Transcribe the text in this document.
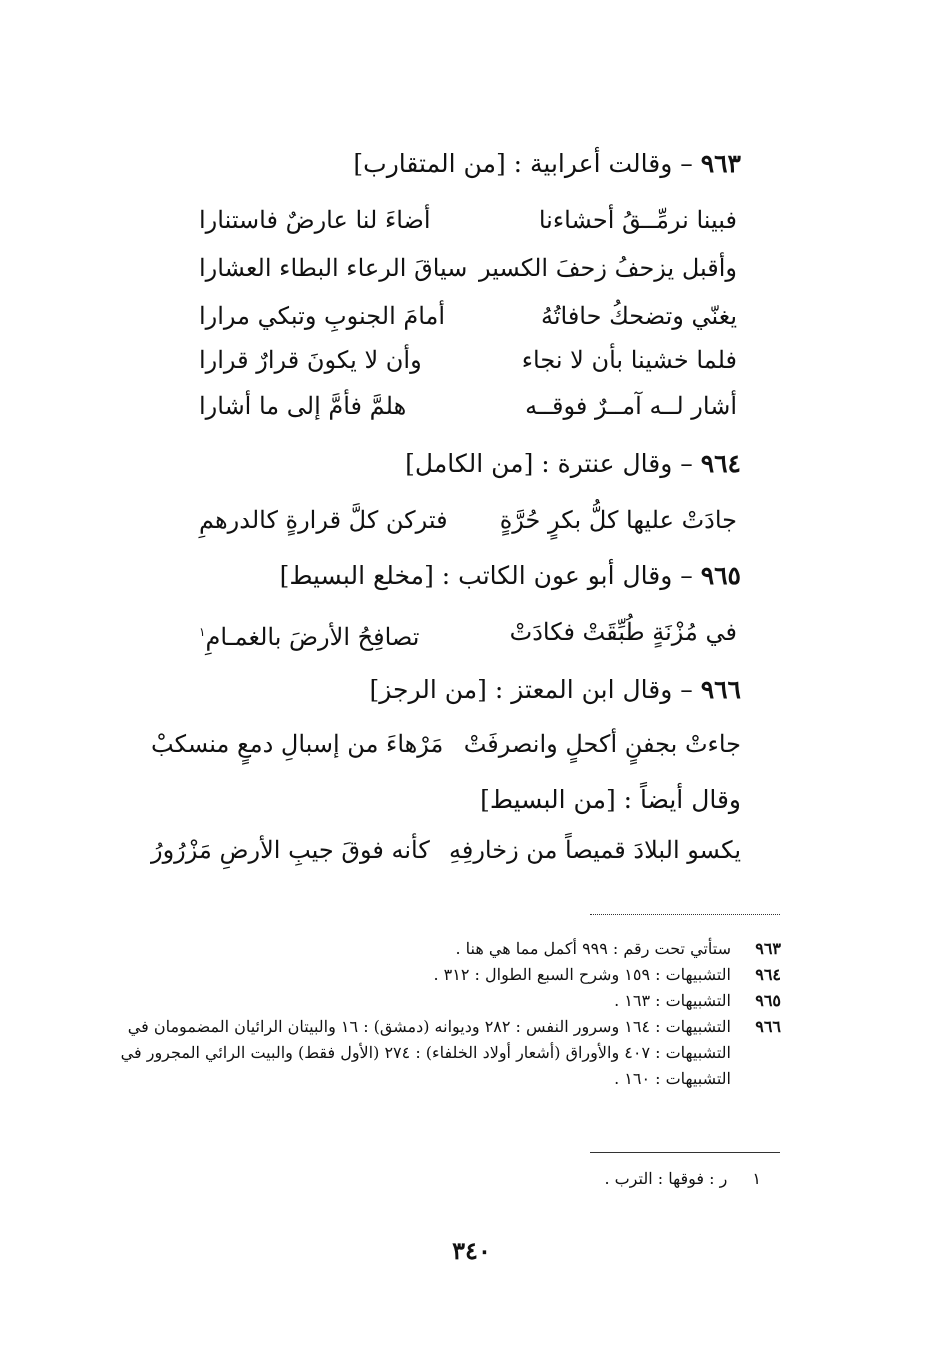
٩٦٣ – وقالت أعرابية : [من المتقارب]
فبينا نرمِّــقُ أحشاءنا
أضاءَ لنا عارضٌ فاستنارا
وأقبل يزحفُ زحفَ الكسير
سياقَ الرعاء البطاء العشارا
يغنّي وتضحكُ حافاتُهُ
أمامَ الجنوبِ وتبكي مرارا
فلما خشينا بأن لا نجاء
وأن لا يكونَ قرارٌ قرارا
أشار لــه آمــرٌ فوقــه
هلمَّ فأمَّ إلى ما أشارا
٩٦٤ – وقال عنترة : [من الكامل]
جادَتْ عليها كلُّ بكرٍ حُرَّةٍ
فتركن كلَّ قرارةٍ كالدرهمِ
٩٦٥ – وقال أبو عون الكاتب : [مخلع البسيط]
في مُزْنَةٍ طُبِّقَتْ فكادَتْ
تصافِحُ الأرضَ بالغمـامِ$^١$
٩٦٦ – وقال ابن المعتز : [من الرجز]
جاءتْ بجفنٍ أكحلٍ وانصرفَتْ
مَرْهاءَ من إسبالِ دمعٍ منسكبْ
وقال أيضاً : [من البسيط]
يكسو البلادَ قميصاً من زخارفِهِ
كأنه فوقَ جيبِ الأرضِ مَزْرُورُ
٩٦٣
ستأتي تحت رقم : ٩٩٩ أكمل مما هي هنا .
٩٦٤
التشبيهات : ١٥٩ وشرح السبع الطوال : ٣١٢ .
٩٦٥
التشبيهات : ١٦٣ .
٩٦٦
التشبيهات : ١٦٤ وسرور النفس : ٢٨٢ وديوانه (دمشق) : ١٦ والبيتان الرائيان المضمومان في التشبيهات : ٤٠٧ والأوراق (أشعار أولاد الخلفاء) : ٢٧٤ (الأول فقط) والبيت الرائي المجرور في التشبيهات : ١٦٠ .
١ ر : فوقها : الترب .
٣٤٠
